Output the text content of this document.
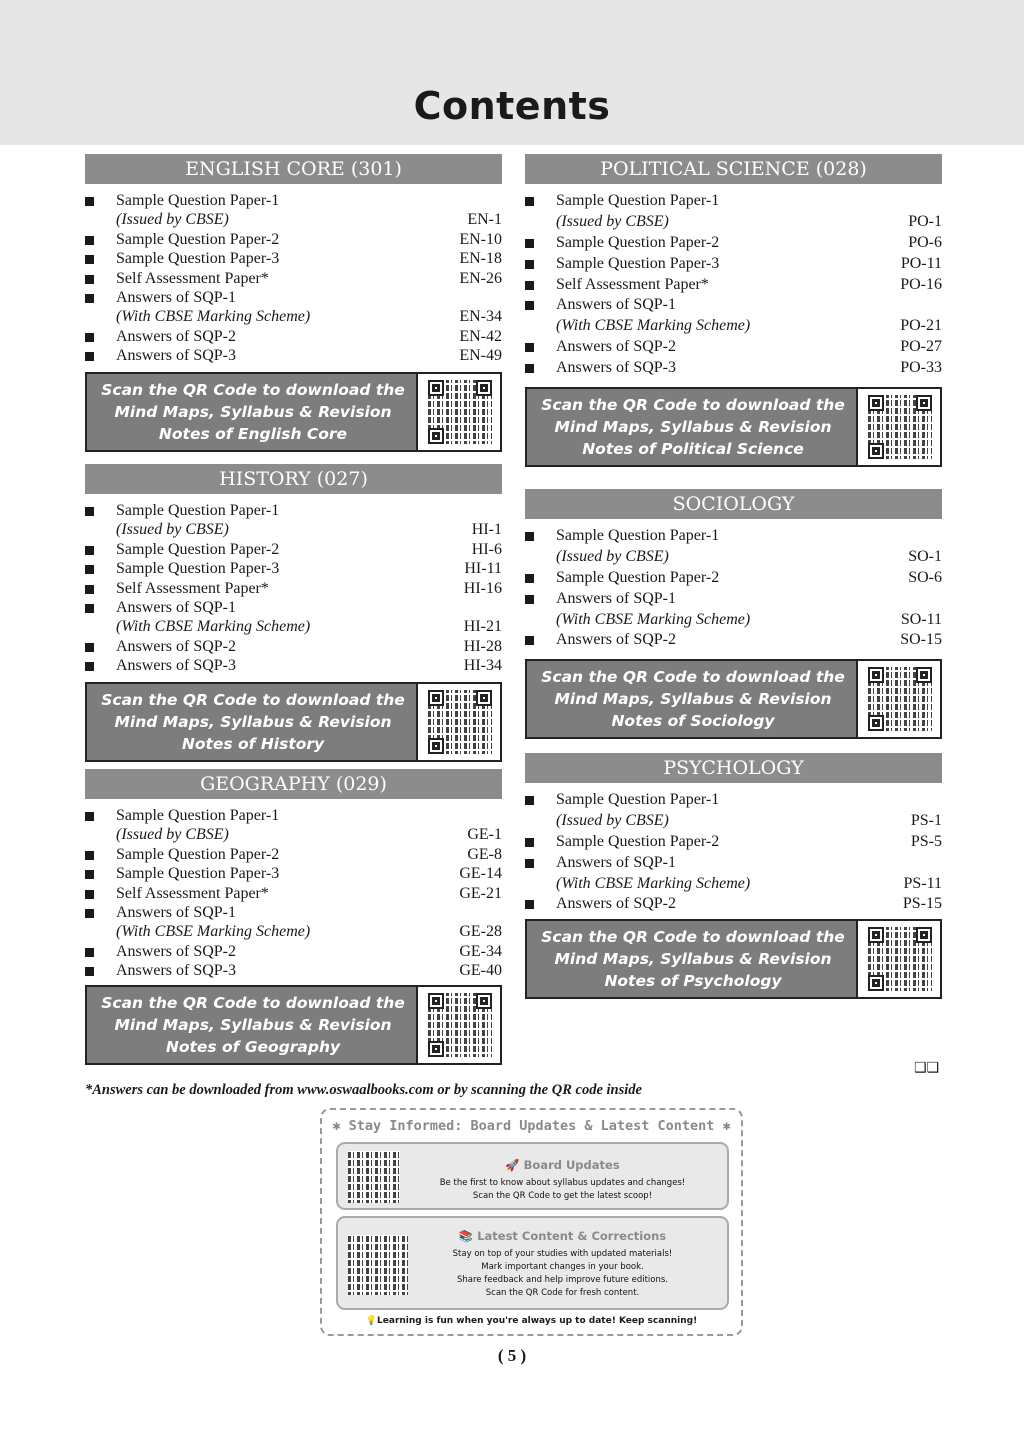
Contents
ENGLISH CORE (301)
Sample Question Paper-1
(Issued by CBSE)	EN-1
Sample Question Paper-2	EN-10
Sample Question Paper-3	EN-18
Self Assessment Paper*	EN-26
Answers of SQP-1
(With CBSE Marking Scheme)	EN-34
Answers of SQP-2	EN-42
Answers of SQP-3	EN-49
Scan the QR Code to download the
Mind Maps, Syllabus & Revision
Notes of English Core
HISTORY (027)
Sample Question Paper-1
(Issued by CBSE)	HI-1
Sample Question Paper-2	HI-6
Sample Question Paper-3	HI-11
Self Assessment Paper*	HI-16
Answers of SQP-1
(With CBSE Marking Scheme)	HI-21
Answers of SQP-2	HI-28
Answers of SQP-3	HI-34
Scan the QR Code to download the
Mind Maps, Syllabus & Revision
Notes of History
GEOGRAPHY (029)
Sample Question Paper-1
(Issued by CBSE)	GE-1
Sample Question Paper-2	GE-8
Sample Question Paper-3	GE-14
Self Assessment Paper*	GE-21
Answers of SQP-1
(With CBSE Marking Scheme)	GE-28
Answers of SQP-2	GE-34
Answers of SQP-3	GE-40
Scan the QR Code to download the
Mind Maps, Syllabus & Revision
Notes of Geography
POLITICAL SCIENCE (028)
Sample Question Paper-1
(Issued by CBSE)	PO-1
Sample Question Paper-2	PO-6
Sample Question Paper-3	PO-11
Self Assessment Paper*	PO-16
Answers of SQP-1
(With CBSE Marking Scheme)	PO-21
Answers of SQP-2	PO-27
Answers of SQP-3	PO-33
Scan the QR Code to download the
Mind Maps, Syllabus & Revision
Notes of Political Science
SOCIOLOGY
Sample Question Paper-1
(Issued by CBSE)	SO-1
Sample Question Paper-2	SO-6
Answers of SQP-1
(With CBSE Marking Scheme)	SO-11
Answers of SQP-2	SO-15
Scan the QR Code to download the
Mind Maps, Syllabus & Revision
Notes of Sociology
PSYCHOLOGY
Sample Question Paper-1
(Issued by CBSE)	PS-1
Sample Question Paper-2	PS-5
Answers of SQP-1
(With CBSE Marking Scheme)	PS-11
Answers of SQP-2	PS-15
Scan the QR Code to download the
Mind Maps, Syllabus & Revision
Notes of Psychology
*Answers can be downloaded from www.oswaalbooks.com or by scanning the QR code inside
❑❑
✱ Stay Informed: Board Updates & Latest Content ✱
🚀 Board Updates
Be the first to know about syllabus updates and changes!
Scan the QR Code to get the latest scoop!
📚 Latest Content & Corrections
Stay on top of your studies with updated materials!
Mark important changes in your book.
Share feedback and help improve future editions.
Scan the QR Code for fresh content.
💡Learning is fun when you're always up to date! Keep scanning!
( 5 )
